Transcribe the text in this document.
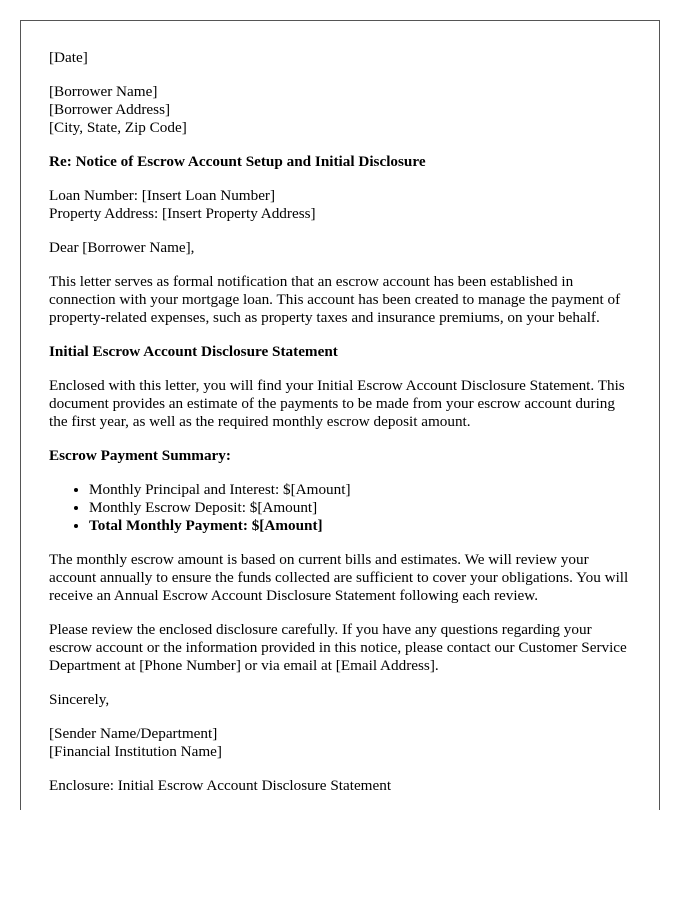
[Date]

[Borrower Name]
[Borrower Address]
[City, State, Zip Code]

Re: Notice of Escrow Account Setup and Initial Disclosure

Loan Number: [Insert Loan Number]
Property Address: [Insert Property Address]

Dear [Borrower Name],

This letter serves as formal notification that an escrow account has been established in connection with your mortgage loan. This account has been created to manage the payment of property-related expenses, such as property taxes and insurance premiums, on your behalf.

Initial Escrow Account Disclosure Statement

Enclosed with this letter, you will find your Initial Escrow Account Disclosure Statement. This document provides an estimate of the payments to be made from your escrow account during the first year, as well as the required monthly escrow deposit amount.

Escrow Payment Summary:

• Monthly Principal and Interest: $[Amount]
• Monthly Escrow Deposit: $[Amount]
• Total Monthly Payment: $[Amount]

The monthly escrow amount is based on current bills and estimates. We will review your account annually to ensure the funds collected are sufficient to cover your obligations. You will receive an Annual Escrow Account Disclosure Statement following each review.

Please review the enclosed disclosure carefully. If you have any questions regarding your escrow account or the information provided in this notice, please contact our Customer Service Department at [Phone Number] or via email at [Email Address].

Sincerely,

[Sender Name/Department]
[Financial Institution Name]

Enclosure: Initial Escrow Account Disclosure Statement
